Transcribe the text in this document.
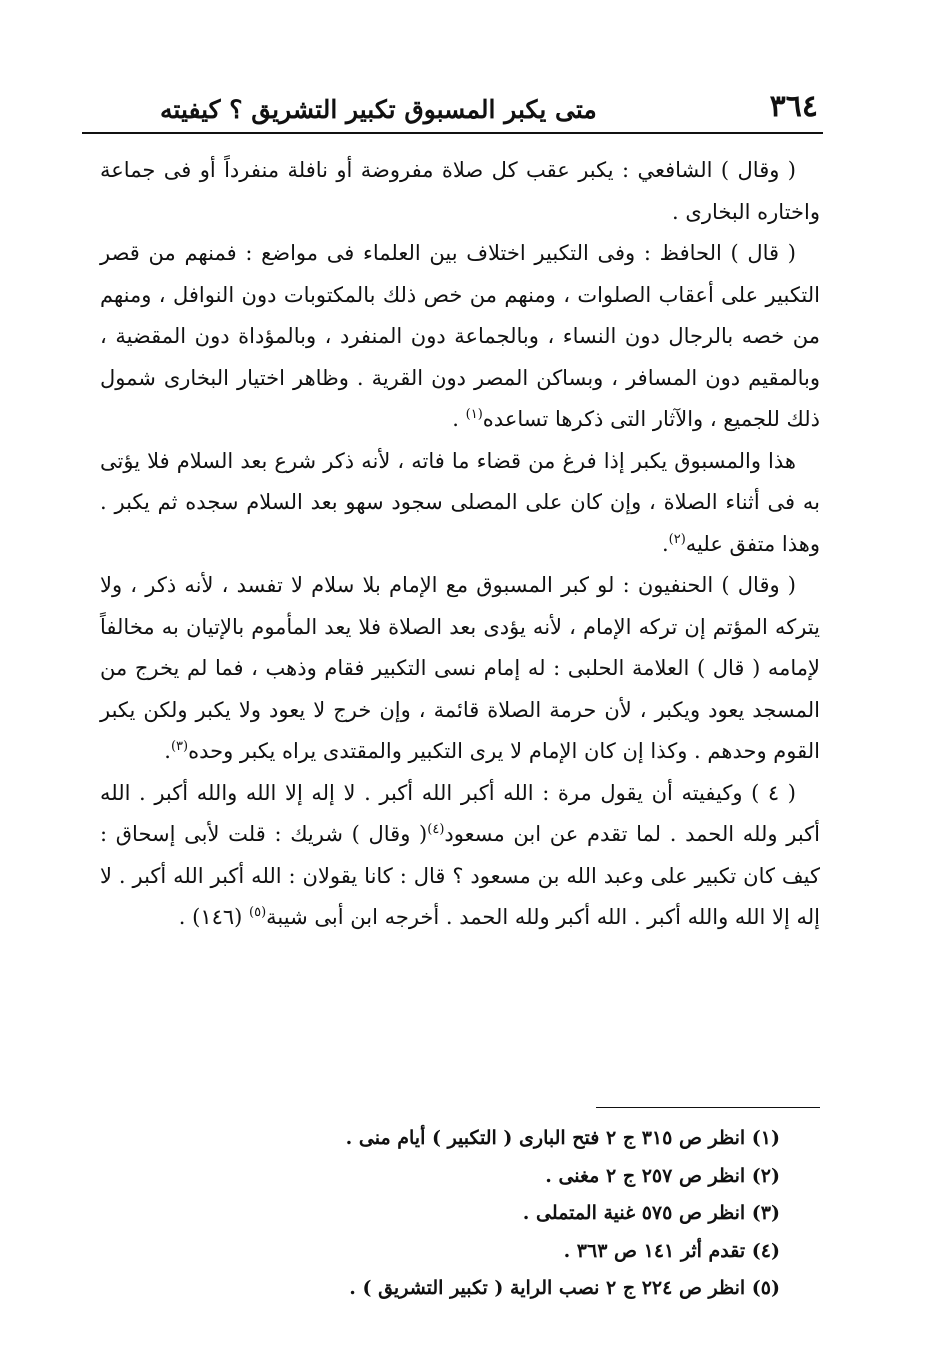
٣٦٤
متى يكبر المسبوق تكبير التشريق ؟ كيفيته

( وقال ) الشافعي : يكبر عقب كل صلاة مفروضة أو نافلة منفرداً أو فى جماعة واختاره البخارى .

( قال ) الحافظ : وفى التكبير اختلاف بين العلماء فى مواضع : فمنهم من قصر التكبير على أعقاب الصلوات ، ومنهم من خص ذلك بالمكتوبات دون النوافل ، ومنهم من خصه بالرجال دون النساء ، وبالجماعة دون المنفرد ، وبالمؤداة دون المقضية ، وبالمقيم دون المسافر ، وبساكن المصر دون القرية . وظاهر اختيار البخارى شمول ذلك للجميع ، والآثار التى ذكرها تساعده$^{(١)}$ .

هذا والمسبوق يكبر إذا فرغ من قضاء ما فاته ، لأنه ذكر شرع بعد السلام فلا يؤتى به فى أثناء الصلاة ، وإن كان على المصلى سجود سهو بعد السلام سجده ثم يكبر . وهذا متفق عليه$^{(٢)}$.

( وقال ) الحنفيون : لو كبر المسبوق مع الإمام بلا سلام لا تفسد ، لأنه ذكر ، ولا يتركه المؤتم إن تركه الإمام ، لأنه يؤدى بعد الصلاة فلا يعد المأموم بالإتيان به مخالفاً لإمامه ( قال ) العلامة الحلبى : له إمام نسى التكبير فقام وذهب ، فما لم يخرج من المسجد يعود ويكبر ، لأن حرمة الصلاة قائمة ، وإن خرج لا يعود ولا يكبر ولكن يكبر القوم وحدهم . وكذا إن كان الإمام لا يرى التكبير والمقتدى يراه يكبر وحده$^{(٣)}$.

( ٤ ) وكيفيته أن يقول مرة : الله أكبر الله أكبر . لا إله إلا الله والله أكبر . الله أكبر ولله الحمد . لما تقدم عن ابن مسعود$^{(٤)}$( وقال ) شريك : قلت لأبى إسحاق : كيف كان تكبير على وعبد الله بن مسعود ؟ قال : كانا يقولان : الله أكبر الله أكبر . لا إله إلا الله والله أكبر . الله أكبر ولله الحمد . أخرجه ابن أبى شيبة$^{(٥)}$ (١٤٦) .

(١) انظر ص ٣١٥ ج ٢ فتح البارى ( التكبير ) أيام منى .

(٢) انظر ص ٢٥٧ ج ٢ مغنى .

(٣) انظر ص ٥٧٥ غنية المتملى .

(٤) تقدم أثر ١٤١ ص ٣٦٣ .

(٥) انظر ص ٢٢٤ ج ٢ نصب الراية ( تكبير التشريق ) .
